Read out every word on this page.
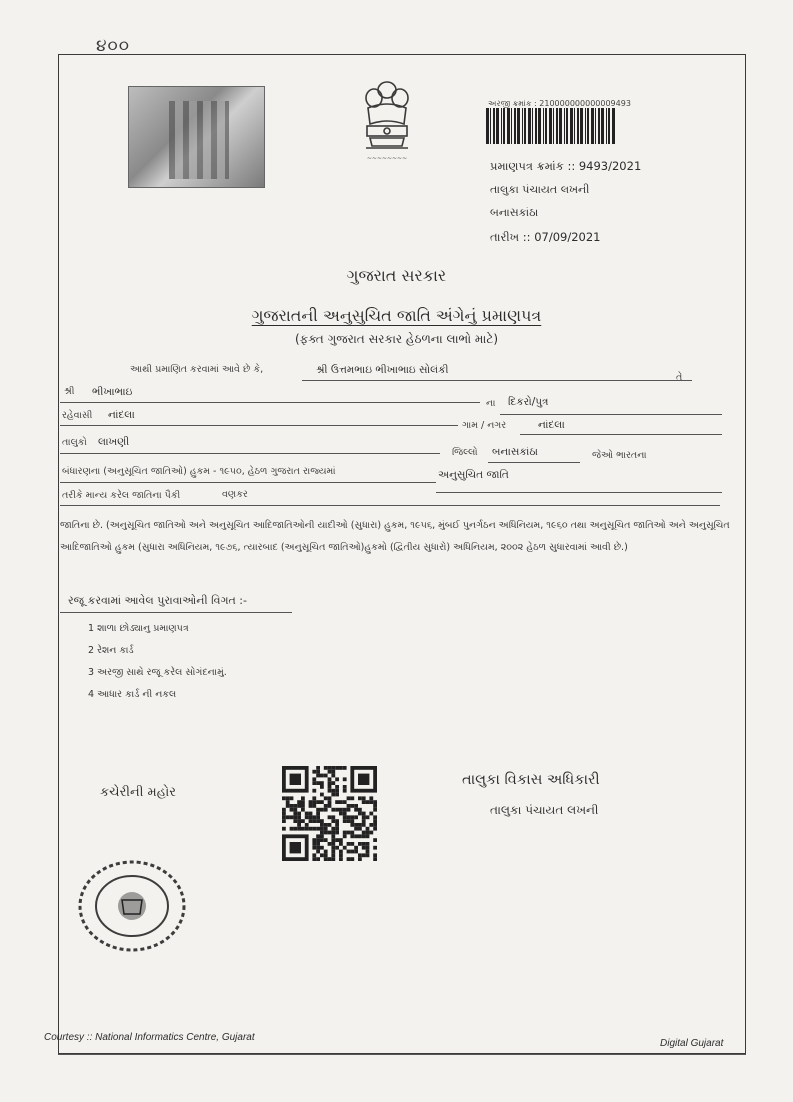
૪૦૦
~~~~~~~~
અરજી ક્રમાંક : 210000000000009493
પ્રમાણપત્ર ક્રમાંક :: 9493/2021
તાલુકા પંચાયત લખની
બનાસકાંઠા
તારીખ :: 07/09/2021
ગુજરાત સરકાર
ગુજરાતની અનુસુચિત જાતિ અંગેનું પ્રમાણપત્ર
(ફક્ત ગુજરાત સરકાર હેઠળના લાભો માટે)
આથી પ્રમાણિત કરવામાં આવે છે કે,	શ્રી ઉત્તમભાઇ ભીખાભાઇ સોલંકી
તે
શ્રી ભીખાભાઇ
ના દિકરો/પુત્ર
રહેવાસી નાંદલા
ગામ / નગર	નાંદલા
તાલુકો લાખણી
જિલ્લો બનાસકાંઠા	જેઓ ભારતના
બંધારણના (અનુસૂચિત જાતિઓ) હુકમ - ૧૯૫૦, હેઠળ ગુજરાત રાજ્યમાં	અનુસુચિત જાતિ
તરીકે માન્ય કરેલ જાતિના પૈકી	વણકર
જાતિના છે. (અનુસૂચિત જાતિઓ અને અનુસૂચિત આદિજાતિઓની યાદીઓ (સુધારા) હુકમ, ૧૯૫૬, મુંબઈ પુનર્ગઠન અધિનિયમ, ૧૯૬૦ તથા અનુસૂચિત જાતિઓ અને અનુસૂચિત આદિજાતિઓ હુકમ (સુધારા અધિનિયમ, ૧૯૭૬, ત્યારબાદ (અનુસૂચિત જાતિઓ)હુકમો (દ્વિતીય સુધારો) અધિનિયમ, ૨૦૦૨ હેઠળ સુધારવામાં આવી છે.)
રજૂ કરવામાં આવેલ પુરાવાઓની વિગત :-
1 શાળા છોડ્યાનુ પ્રમાણપત્ર
2 રેશન કાર્ડ
3 અરજી સાથે રજૂ કરેલ સોગંદનામું.
4 આધાર કાર્ડ ની નકલ
કચેરીની મહોર
તાલુકા વિકાસ અધિકારી
તાલુકા પંચાયત લખની
Courtesy :: National Informatics Centre, Gujarat
Digital Gujarat
